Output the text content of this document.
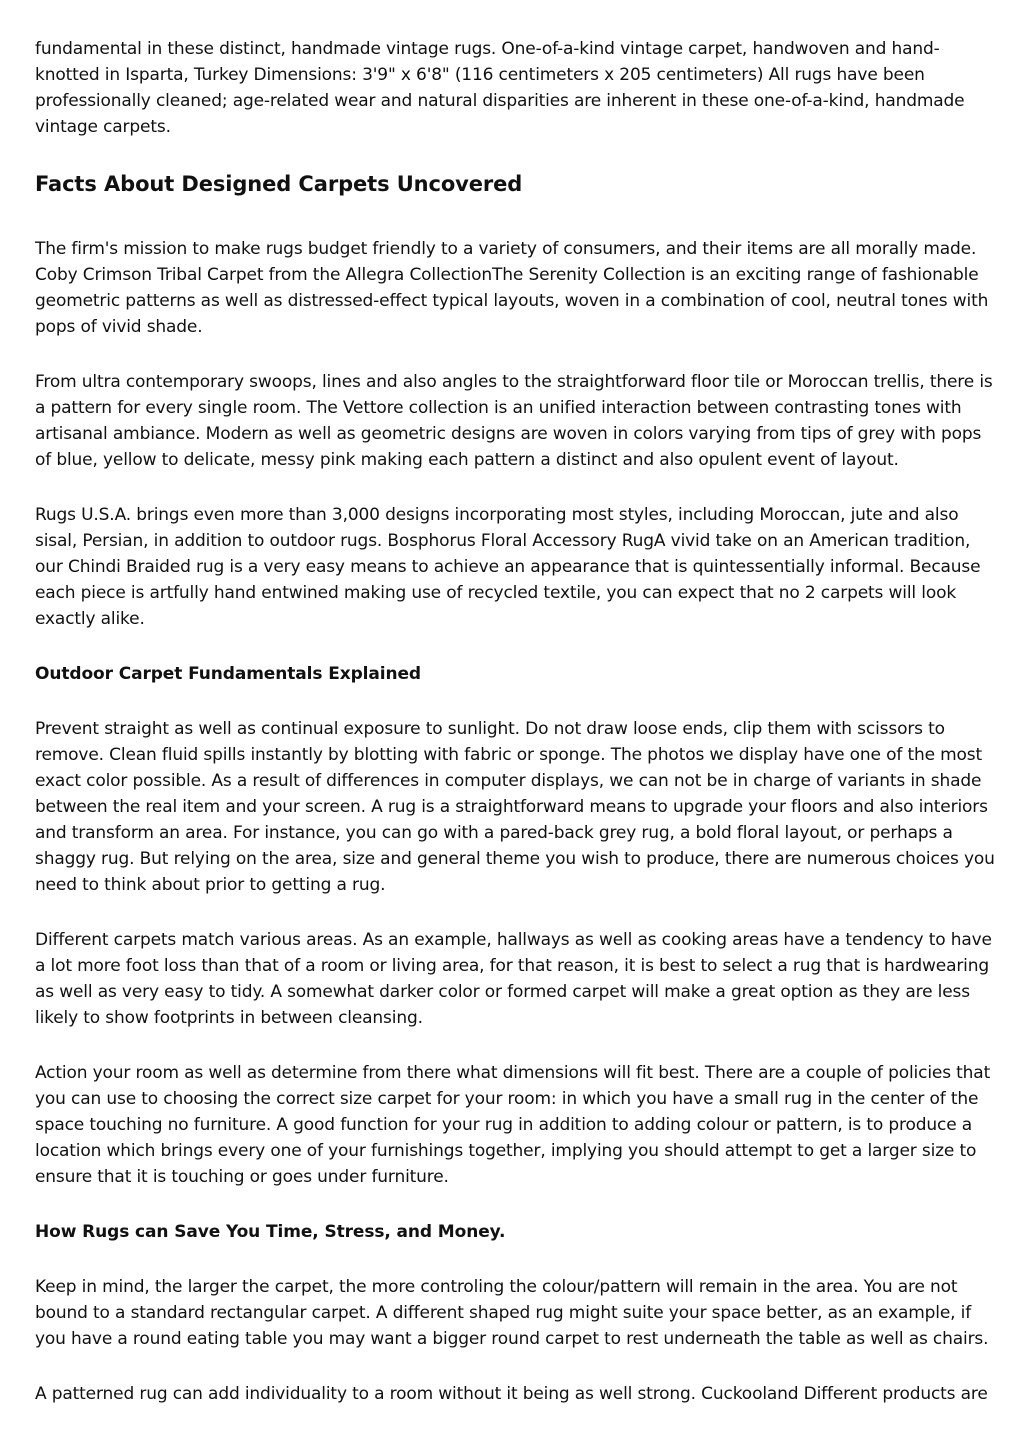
fundamental in these distinct, handmade vintage rugs. One-of-a-kind vintage carpet, handwoven and hand-knotted in Isparta, Turkey Dimensions: 3'9" x 6'8" (116 centimeters x 205 centimeters) All rugs have been professionally cleaned; age-related wear and natural disparities are inherent in these one-of-a-kind, handmade vintage carpets.

Facts About Designed Carpets Uncovered

The firm's mission to make rugs budget friendly to a variety of consumers, and their items are all morally made. Coby Crimson Tribal Carpet from the Allegra CollectionThe Serenity Collection is an exciting range of fashionable geometric patterns as well as distressed-effect typical layouts, woven in a combination of cool, neutral tones with pops of vivid shade.

From ultra contemporary swoops, lines and also angles to the straightforward floor tile or Moroccan trellis, there is a pattern for every single room. The Vettore collection is an unified interaction between contrasting tones with artisanal ambiance. Modern as well as geometric designs are woven in colors varying from tips of grey with pops of blue, yellow to delicate, messy pink making each pattern a distinct and also opulent event of layout.

Rugs U.S.A. brings even more than 3,000 designs incorporating most styles, including Moroccan, jute and also sisal, Persian, in addition to outdoor rugs. Bosphorus Floral Accessory RugA vivid take on an American tradition, our Chindi Braided rug is a very easy means to achieve an appearance that is quintessentially informal. Because each piece is artfully hand entwined making use of recycled textile, you can expect that no 2 carpets will look exactly alike.

Outdoor Carpet Fundamentals Explained

Prevent straight as well as continual exposure to sunlight. Do not draw loose ends, clip them with scissors to remove. Clean fluid spills instantly by blotting with fabric or sponge. The photos we display have one of the most exact color possible. As a result of differences in computer displays, we can not be in charge of variants in shade between the real item and your screen. A rug is a straightforward means to upgrade your floors and also interiors and transform an area. For instance, you can go with a pared-back grey rug, a bold floral layout, or perhaps a shaggy rug. But relying on the area, size and general theme you wish to produce, there are numerous choices you need to think about prior to getting a rug.

Different carpets match various areas. As an example, hallways as well as cooking areas have a tendency to have a lot more foot loss than that of a room or living area, for that reason, it is best to select a rug that is hardwearing as well as very easy to tidy. A somewhat darker color or formed carpet will make a great option as they are less likely to show footprints in between cleansing.

Action your room as well as determine from there what dimensions will fit best. There are a couple of policies that you can use to choosing the correct size carpet for your room: in which you have a small rug in the center of the space touching no furniture. A good function for your rug in addition to adding colour or pattern, is to produce a location which brings every one of your furnishings together, implying you should attempt to get a larger size to ensure that it is touching or goes under furniture.

How Rugs can Save You Time, Stress, and Money.

Keep in mind, the larger the carpet, the more controling the colour/pattern will remain in the area. You are not bound to a standard rectangular carpet. A different shaped rug might suite your space better, as an example, if you have a round eating table you may want a bigger round carpet to rest underneath the table as well as chairs.

A patterned rug can add individuality to a room without it being as well strong. Cuckooland Different products are
